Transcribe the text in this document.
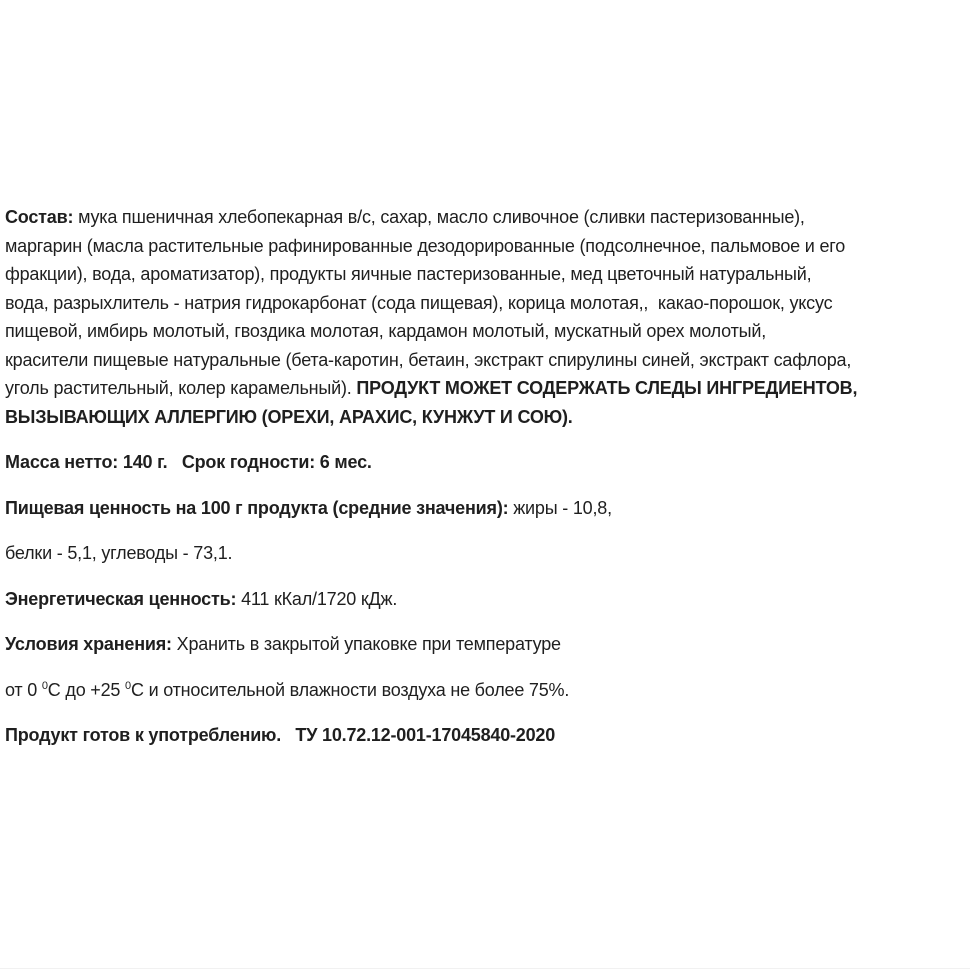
Состав: мука пшеничная хлебопекарная в/с, сахар, масло сливочное (сливки пастеризованные),
маргарин (масла растительные рафинированные дезодорированные (подсолнечное, пальмовое и его
фракции), вода, ароматизатор), продукты яичные пастеризованные, мед цветочный натуральный,
вода, разрыхлитель - натрия гидрокарбонат (сода пищевая), корица молотая,,  какао-порошок, уксус
пищевой, имбирь молотый, гвоздика молотая, кардамон молотый, мускатный орех молотый,
красители пищевые натуральные (бета-каротин, бетаин, экстракт спирулины синей, экстракт сафлора,
уголь растительный, колер карамельный). ПРОДУКТ МОЖЕТ СОДЕРЖАТЬ СЛЕДЫ ИНГРЕДИЕНТОВ,
ВЫЗЫВАЮЩИХ АЛЛЕРГИЮ (ОРЕХИ, АРАХИС, КУНЖУТ И СОЮ).
Масса нетто: 140 г.   Срок годности: 6 мес.
Пищевая ценность на 100 г продукта (средние значения): жиры - 10,8,
белки - 5,1, углеводы - 73,1.
Энергетическая ценность: 411 кКал/1720 кДж.
Условия хранения: Хранить в закрытой упаковке при температуре
от 0 $^0$С до +25 $^0$С и относительной влажности воздуха не более 75%.
Продукт готов к употреблению.   ТУ 10.72.12-001-17045840-2020
